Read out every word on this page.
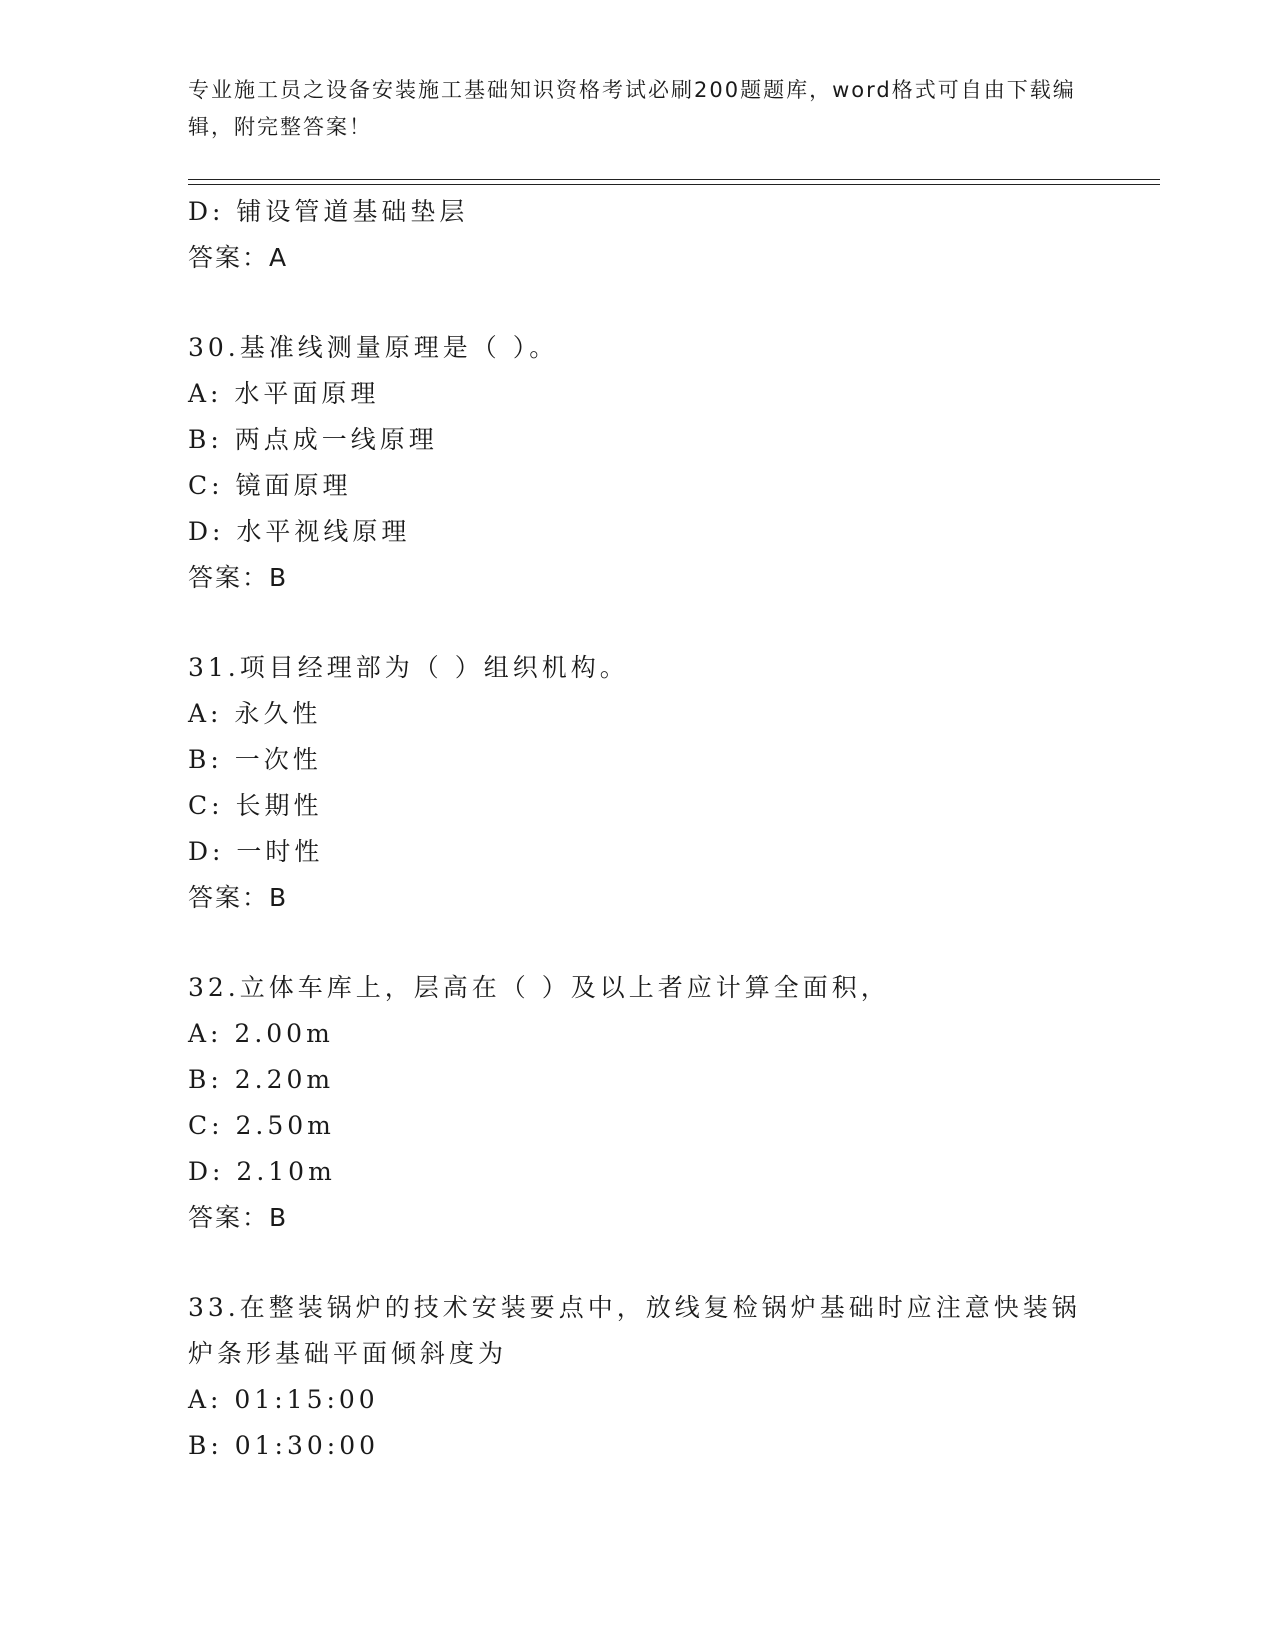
专业施工员之设备安装施工基础知识资格考试必刷200题题库，word格式可自由下载编辑，附完整答案！
D: 铺设管道基础垫层
答案：A
30.基准线测量原理是（ ）。
A: 水平面原理
B: 两点成一线原理
C: 镜面原理
D: 水平视线原理
答案：B
31.项目经理部为（ ）组织机构。
A: 永久性
B: 一次性
C: 长期性
D: 一时性
答案：B
32.立体车库上，层高在（ ）及以上者应计算全面积，
A: 2.00m
B: 2.20m
C: 2.50m
D: 2.10m
答案：B
33.在整装锅炉的技术安装要点中，放线复检锅炉基础时应注意快装锅
炉条形基础平面倾斜度为
A: 01:15:00
B: 01:30:00
